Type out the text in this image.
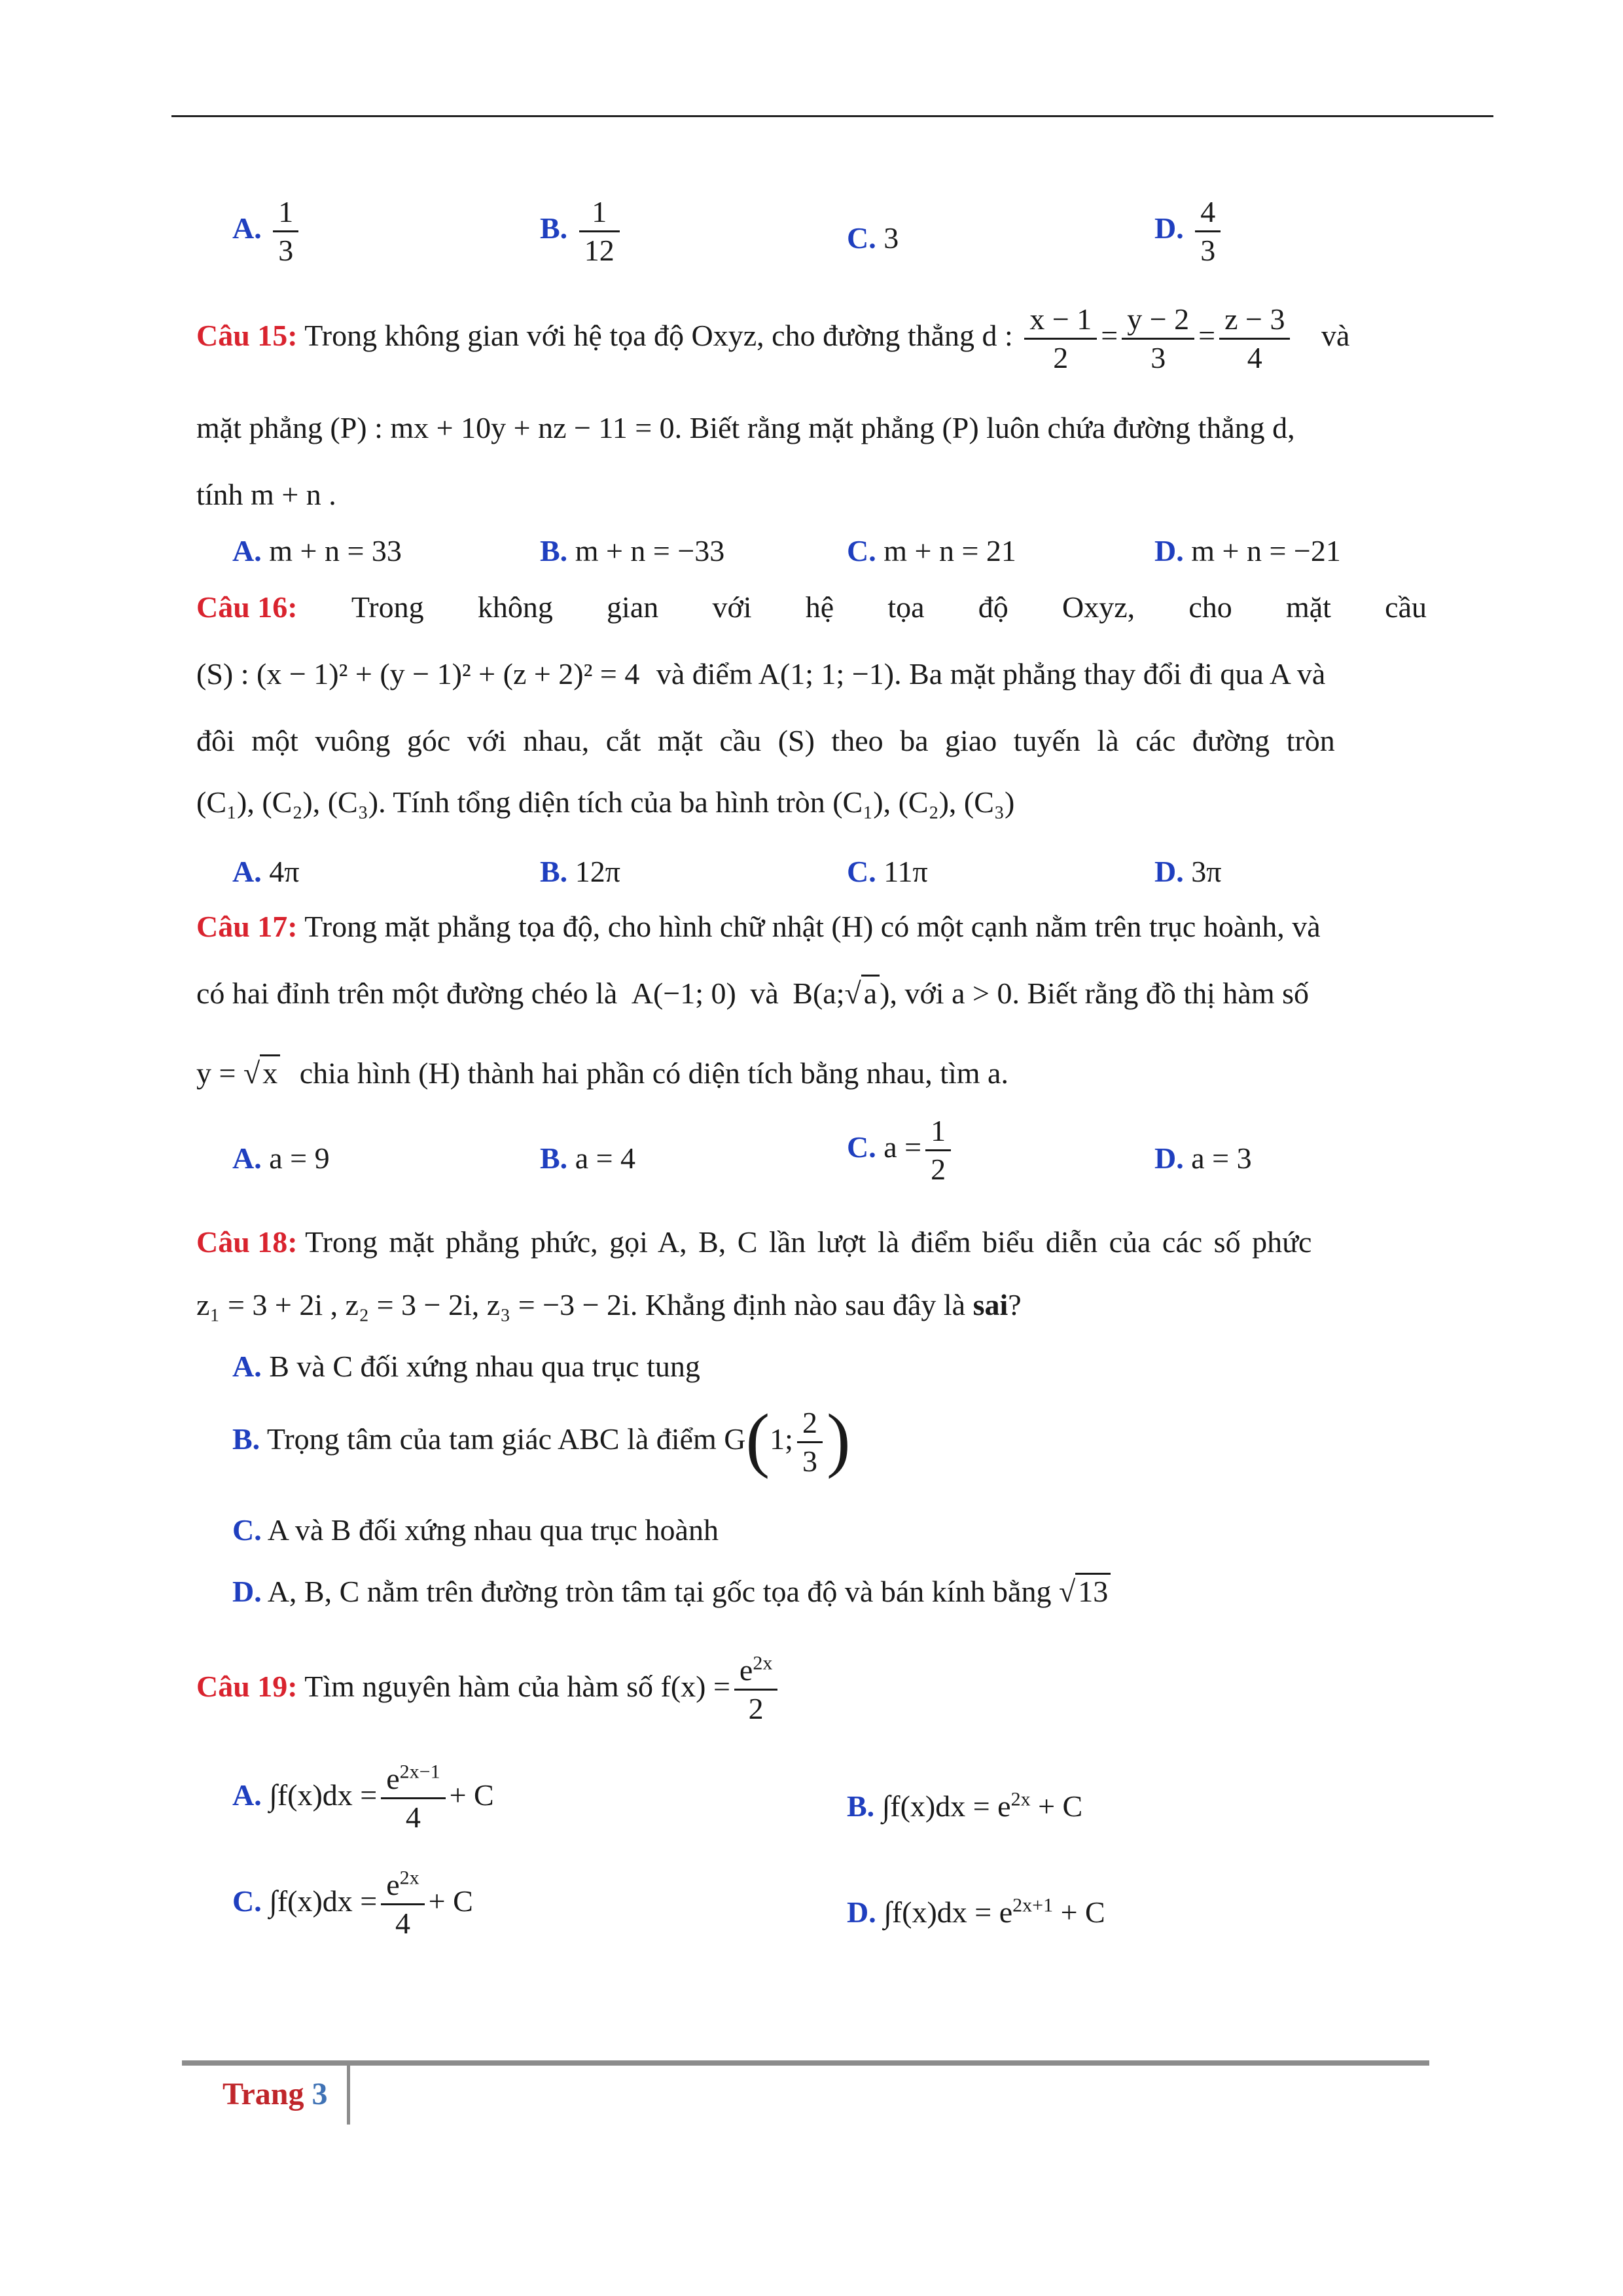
A. $\frac{1}{3}$	B. $\frac{1}{12}$	C. 3	D. $\frac{4}{3}$
Câu 15: Trong không gian với hệ tọa độ Oxyz, cho đường thẳng d : $\frac{x - 1}{2} = \frac{y - 2}{3} = \frac{z - 3}{4}$ và
mặt phẳng (P) : mx + 10y + nz − 11 = 0. Biết rằng mặt phẳng (P) luôn chứa đường thẳng d,
tính m + n .
A. m + n = 33	B. m + n = −33	C. m + n = 21	D. m + n = −21
Câu 16: Trong không gian với hệ tọa độ Oxyz, cho mặt cầu
(S) : (x − 1)² + (y − 1)² + (z + 2)² = 4 và điểm A(1; 1; −1). Ba mặt phẳng thay đổi đi qua A và
đôi một vuông góc với nhau, cắt mặt cầu (S) theo ba giao tuyến là các đường tròn
(C₁), (C₂), (C₃). Tính tổng diện tích của ba hình tròn (C₁), (C₂), (C₃)
A. 4π	B. 12π	C. 11π	D. 3π
Câu 17: Trong mặt phẳng tọa độ, cho hình chữ nhật (H) có một cạnh nằm trên trục hoành, và
có hai đỉnh trên một đường chéo là A(−1; 0) và B(a;√a), với a > 0. Biết rằng đồ thị hàm số
y = √x chia hình (H) thành hai phần có diện tích bằng nhau, tìm a.
A. a = 9	B. a = 4	C. $a = \frac{1}{2}$	D. a = 3
Câu 18: Trong mặt phẳng phức, gọi A, B, C lần lượt là điểm biểu diễn của các số phức
z₁ = 3 + 2i , z₂ = 3 − 2i, z₃ = −3 − 2i. Khẳng định nào sau đây là sai?
A. B và C đối xứng nhau qua trục tung
B. Trọng tâm của tam giác ABC là điểm G(1; $\frac{2}{3}$ )
C. A và B đối xứng nhau qua trục hoành
D. A, B, C nằm trên đường tròn tâm tại gốc tọa độ và bán kính bằng √13
Câu 19: Tìm nguyên hàm của hàm số $f(x) = \frac{e^{2x}}{2}$
A. $\int f(x)dx = \frac{e^{2x-1}}{4} + C$	B. $\int f(x)dx = e^{2x} + C$
C. $\int f(x)dx = \frac{e^{2x}}{4} + C$	D. $\int f(x)dx = e^{2x+1} + C$
Trang 3
